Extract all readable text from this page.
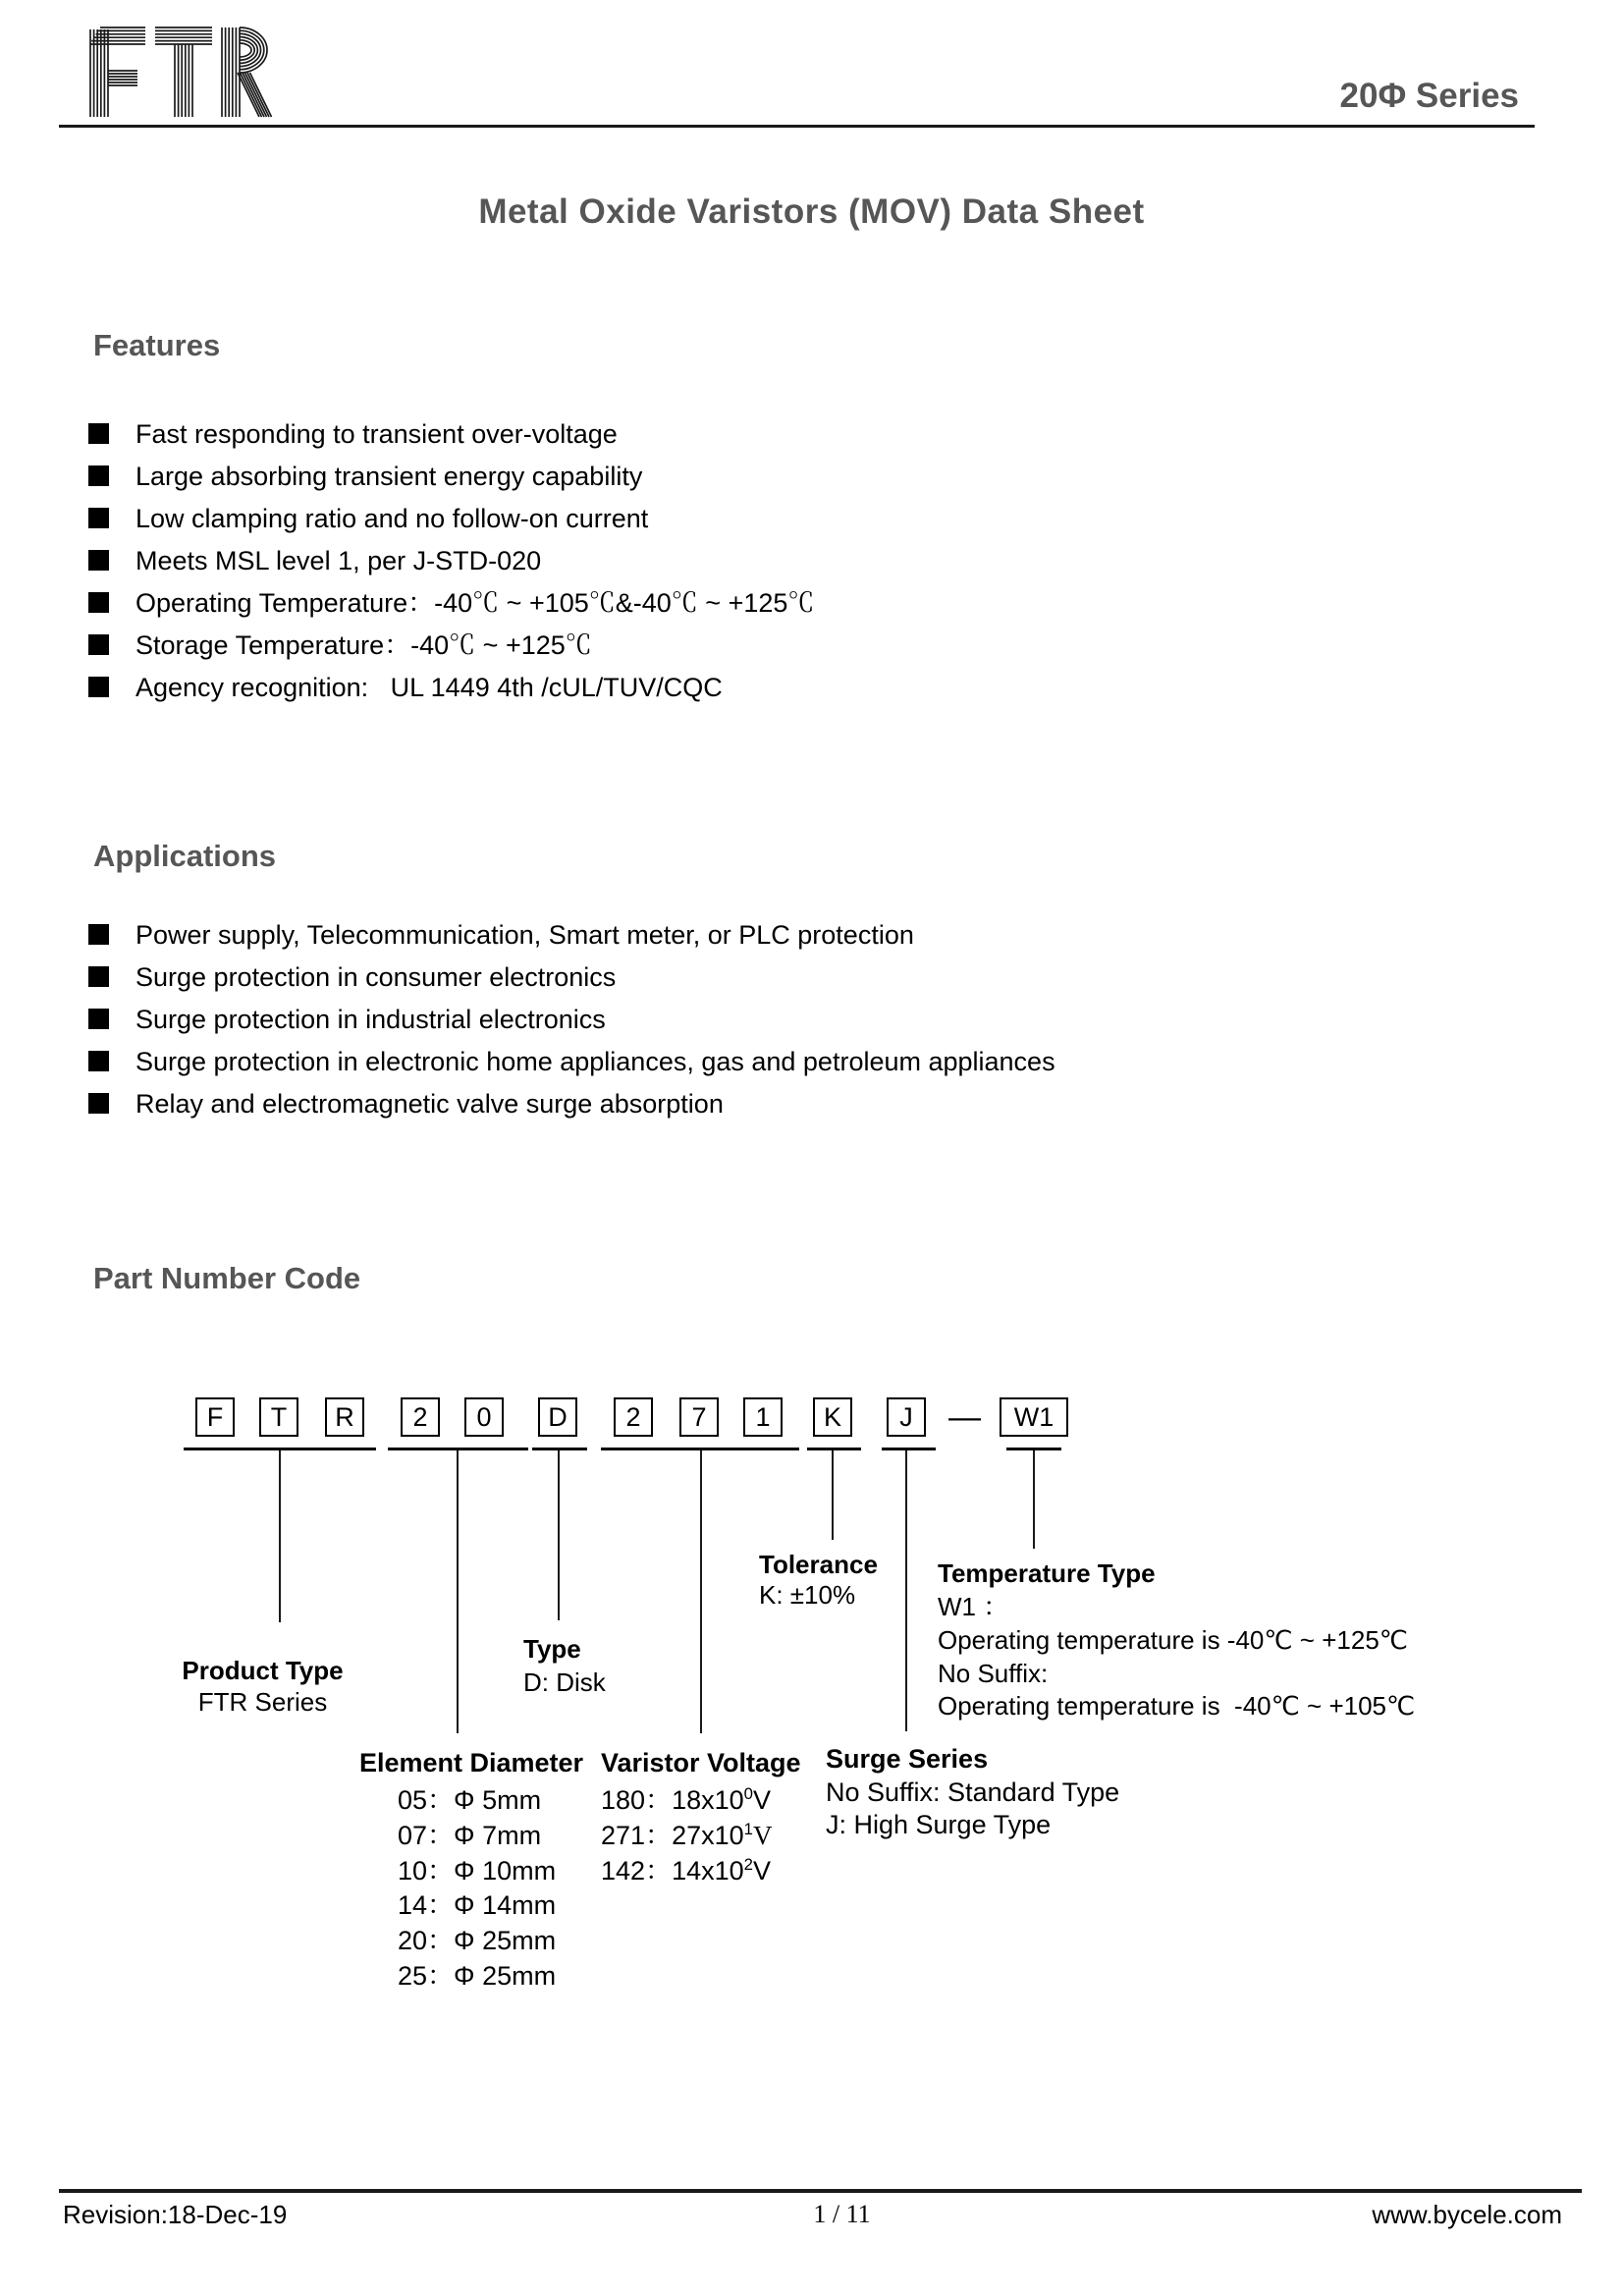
20Φ Series
Metal Oxide Varistors (MOV) Data Sheet
Features
Fast responding to transient over-voltage
Large absorbing transient energy capability
Low clamping ratio and no follow-on current
Meets MSL level 1, per J-STD-020
Operating Temperature：-40℃ ~ +105℃&-40℃ ~ +125℃
Storage Temperature：-40℃ ~ +125℃
Agency recognition:   UL 1449 4th /cUL/TUV/CQC
Applications
Power supply, Telecommunication, Smart meter, or PLC protection
Surge protection in consumer electronics
Surge protection in industrial electronics
Surge protection in electronic home appliances, gas and petroleum appliances
Relay and electromagnetic valve surge absorption
Part Number Code
F	T	R	2	0	D	2	7	1	K	J	—	W1
Tolerance
K: ±10%
Temperature Type
W1 ：
Operating temperature is -40℃ ~ +125℃
No Suffix:
Operating temperature is  -40℃ ~ +105℃
Product Type
FTR Series
Type
D: Disk
Element Diameter
05：Φ 5mm
07：Φ 7mm
10：Φ 10mm
14：Φ 14mm
20：Φ 25mm
25：Φ 25mm
Varistor Voltage
180：$18x10^0V$
271：$27x10^1V$
142：$14x10^2V$
Surge Series
No Suffix: Standard Type
J: High Surge Type
Revision:18-Dec-19	1 / 11	www.bycele.com
